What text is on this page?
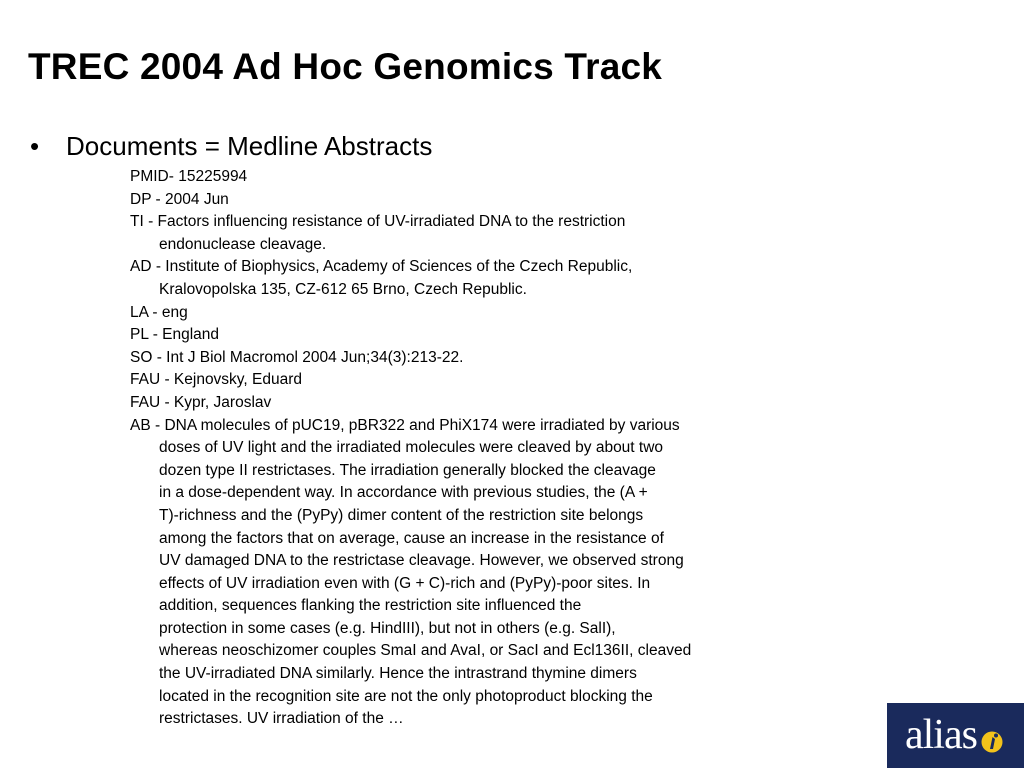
TREC 2004 Ad Hoc Genomics Track
• Documents = Medline Abstracts
PMID- 15225994
DP - 2004 Jun
TI - Factors influencing resistance of UV-irradiated DNA to the restriction
endonuclease cleavage.
AD - Institute of Biophysics, Academy of Sciences of the Czech Republic,
Kralovopolska 135, CZ-612 65 Brno, Czech Republic.
LA - eng
PL - England
SO - Int J Biol Macromol 2004 Jun;34(3):213-22.
FAU - Kejnovsky, Eduard
FAU - Kypr, Jaroslav
AB - DNA molecules of pUC19, pBR322 and PhiX174 were irradiated by various
doses of UV light and the irradiated molecules were cleaved by about two
dozen type II restrictases. The irradiation generally blocked the cleavage
in a dose-dependent way. In accordance with previous studies, the (A +
T)-richness and the (PyPy) dimer content of the restriction site belongs
among the factors that on average, cause an increase in the resistance of
UV damaged DNA to the restrictase cleavage. However, we observed strong
effects of UV irradiation even with (G + C)-rich and (PyPy)-poor sites. In
addition, sequences flanking the restriction site influenced the
protection in some cases (e.g. HindIII), but not in others (e.g. SalI),
whereas neoschizomer couples SmaI and AvaI, or SacI and Ecl136II, cleaved
the UV-irradiated DNA similarly. Hence the intrastrand thymine dimers
located in the recognition site are not the only photoproduct blocking the
restrictases. UV irradiation of the …	alias
